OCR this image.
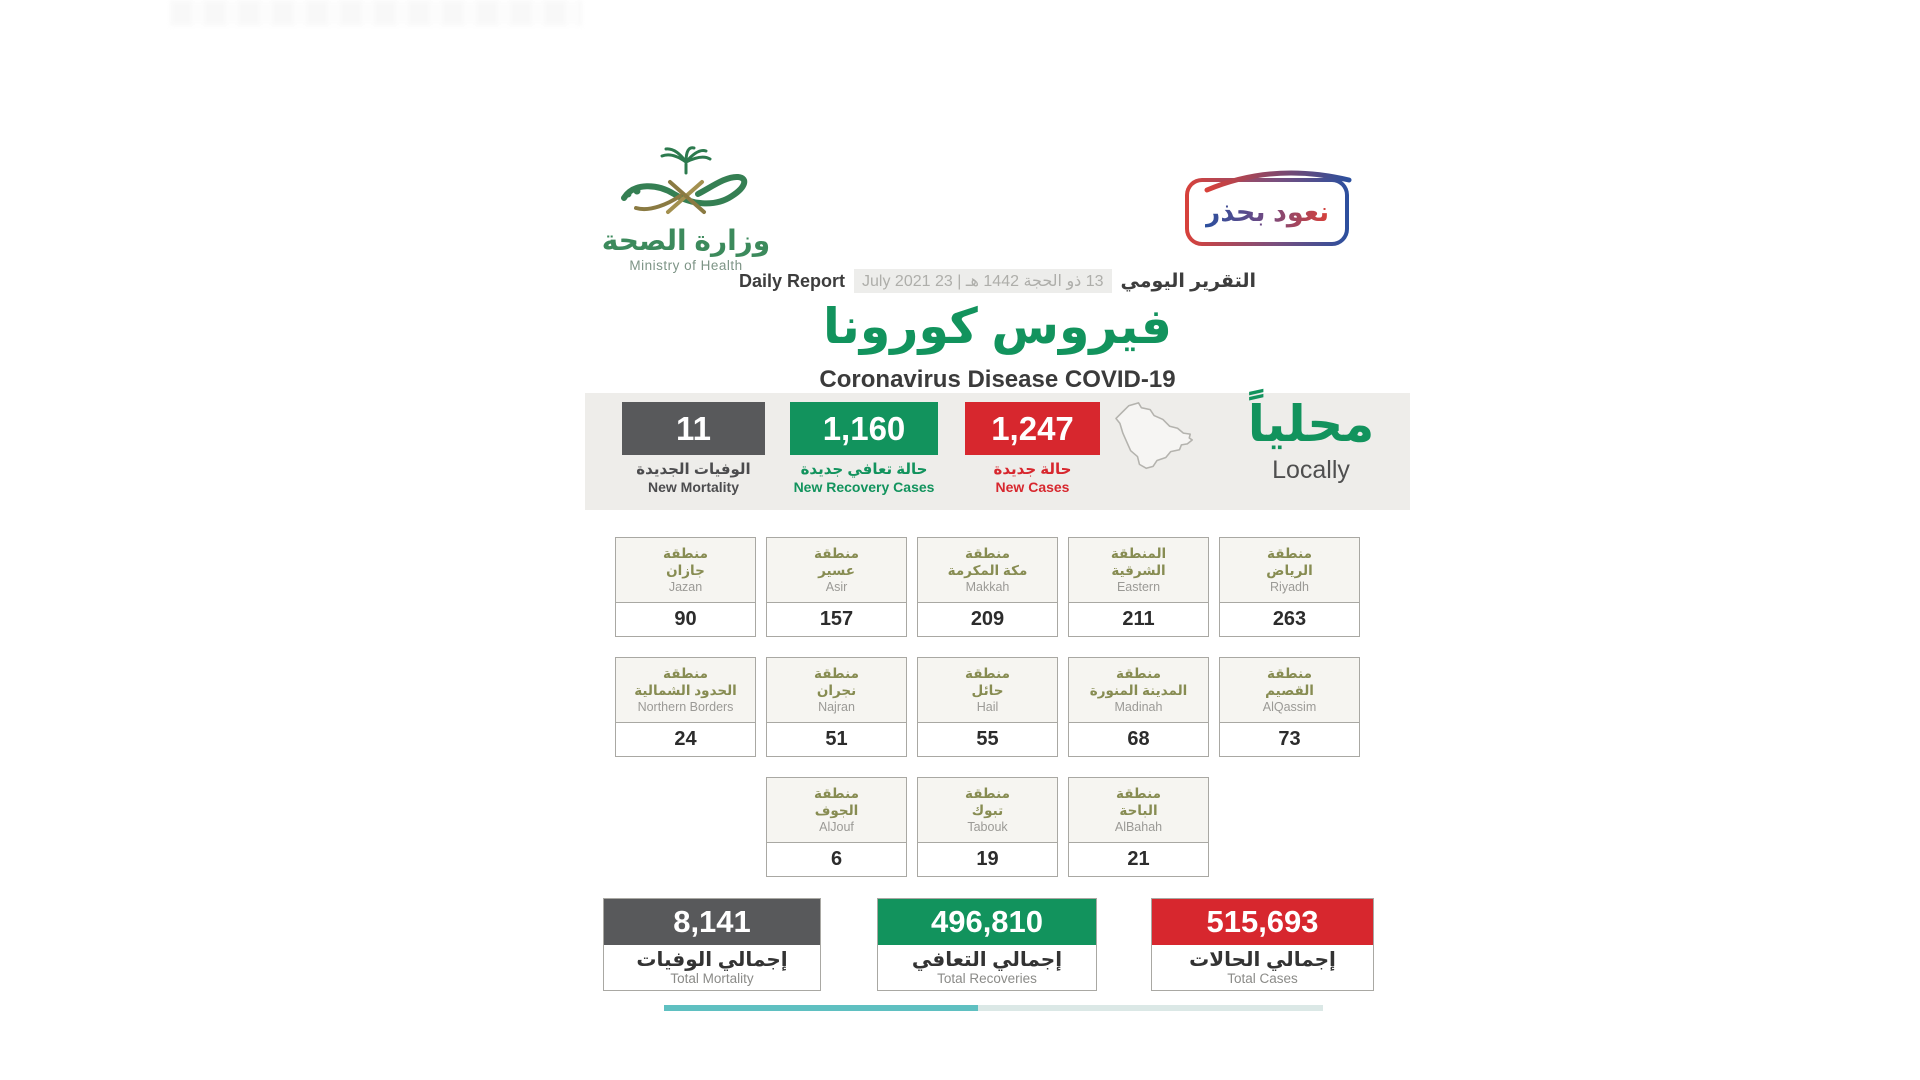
وزارة الصحة
Ministry of Health
نعود بحذر
Daily Report	13 ذو الحجة 1442 هـ | 23 July 2021 التقرير اليومي
فيروس كورونا
Coronavirus Disease COVID-19
11
الوفيات الجديدة
New Mortality
1,160
حالة تعافي جديدة
New Recovery Cases
1,247
حالة جديدة
New Cases
محلياً
Locally
منطقة
جازان
Jazan
90
منطقة
عسير
Asir
157
منطقة
مكة المكرمة
Makkah
209
المنطقة
الشرقية
Eastern
211
منطقة
الرياض
Riyadh
263
منطقة
الحدود الشمالية
Northern Borders
24
منطقة
نجران
Najran
51
منطقة
حائل
Hail
55
منطقة
المدينة المنورة
Madinah
68
منطقة
القصيم
AlQassim
73
منطقة
الجوف
AlJouf
6
منطقة
تبوك
Tabouk
19
منطقة
الباحة
AlBahah
21
8,141
إجمالي الوفيات
Total Mortality
496,810
إجمالي التعافي
Total Recoveries
515,693
إجمالي الحالات
Total Cases
